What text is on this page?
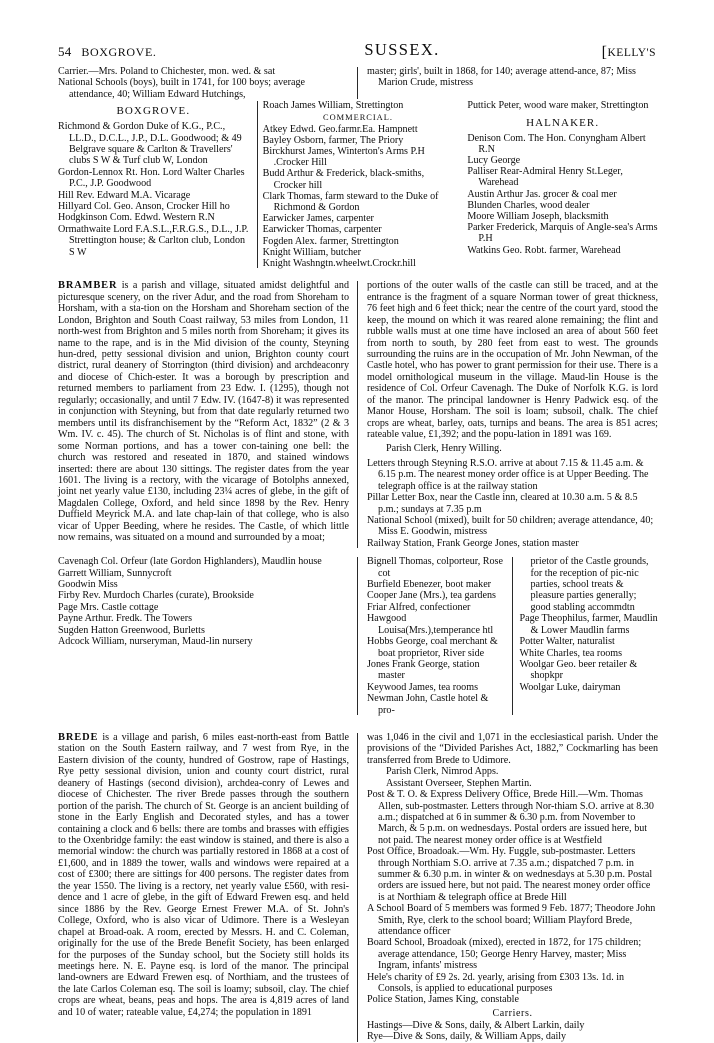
54 BOXGROVE.	SUSSEX.	[KELLY'S
Carrier.—Mrs. Poland to Chichester, mon. wed. & sat
National Schools (boys), built in 1741, for 100 boys; average attendance, 40; William Edward Hutchings,
master; girls', built in 1868, for 140; average attend-ance, 87; Miss Marion Crude, mistress
BOXGROVE.
Richmond & Gordon Duke of K.G., P.C., LL.D., D.C.L., J.P., D.L. Goodwood; & 49 Belgrave square & Carlton & Travellers' clubs S W & Turf club W, London
Gordon-Lennox Rt. Hon. Lord Walter Charles P.C., J.P. Goodwood
Hill Rev. Edward M.A. Vicarage
Hillyard Col. Geo. Anson, Crocker Hill ho
Hodgkinson Com. Edwd. Western R.N
Ormathwaite Lord F.A.S.L.,F.R.G.S., D.L., J.P. Strettington house; & Carlton club, London S W
Roach James William, Strettington
COMMERCIAL.
Atkey Edwd. Geo.farmr.Ea. Hampnett
Bayley Osborn, farmer, The Priory
Birckhurst James, Winterton's Arms P.H .Crocker Hill
Budd Arthur & Frederick, black-smiths, Crocker hill
Clark Thomas, farm steward to the Duke of Richmond & Gordon
Earwicker James, carpenter
Earwicker Thomas, carpenter
Fogden Alex. farmer, Strettington
Knight William, butcher
Knight Washngtn.wheelwt.Crockr.hill
Puttick Peter, wood ware maker, Strettington
HALNAKER.
Denison Com. The Hon. Conyngham Albert R.N
Lucy George
Palliser Rear-Admiral Henry St.Leger, Warehead
Austin Arthur Jas. grocer & coal mer
Blunden Charles, wood dealer
Moore William Joseph, blacksmith
Parker Frederick, Marquis of Angle-sea's Arms P.H
Watkins Geo. Robt. farmer, Warehead

BRAMBER is a parish and village, situated amidst delightful and picturesque scenery, on the river Adur, and the road from Shoreham to Horsham, with a sta-tion on the Horsham and Shoreham section of the London, Brighton and South Coast railway, 53 miles from London, 11 north-west from Brighton and 5 miles north from Shoreham; it gives its name to the rape, and is in the Mid division of the county, Steyning hun-dred, petty sessional division and union, Brighton county court district, rural deanery of Storrington (third division) and archdeaconry and diocese of Chich-ester. It was a borough by prescription and returned members to parliament from 23 Edw. I. (1295), though not regularly; occasionally, and until 7 Edw. IV. (1647-8) it was represented in conjunction with Steyning, but from that date regularly returned two members until its disfranchisement by the “Reform Act, 1832” (2 & 3 Wm. IV. c. 45). The church of St. Nicholas is of flint and stone, with some Norman portions, and has a tower con-taining one bell: the church was restored and reseated in 1870, and stained windows inserted: there are about 130 sittings. The register dates from the year 1601. The living is a rectory, with the vicarage of Botolphs annexed, joint net yearly value £130, including 23¼ acres of glebe, in the gift of Magdalen College, Oxford, and held since 1898 by the Rev. Henry Duffield Meyrick M.A. and late chap-lain of that college, who is also vicar of Upper Beeding, where he resides. The Castle, of which little now remains, was situated on a mound and surrounded by a moat;

portions of the outer walls of the castle can still be traced, and at the entrance is the fragment of a square Norman tower of great thickness, 76 feet high and 6 feet thick; near the centre of the court yard, stood the keep, the mound on which it was reared alone remaining; the flint and rubble walls must at one time have inclosed an area of about 560 feet from north to south, by 280 feet from east to west. The grounds surrounding the ruins are in the occupation of Mr. John Newman, of the Castle hotel, who has power to grant permission for their use. There is a model ornithological museum in the village. Maud-lin House is the residence of Col. Orfeur Cavenagh. The Duke of Norfolk K.G. is lord of the manor. The principal landowner is Henry Padwick esq. of the Manor House, Horsham. The soil is loam; subsoil, chalk. The chief crops are wheat, barley, oats, turnips and beans. The area is 851 acres; rateable value, £1,392; and the popu-lation in 1891 was 169.

Parish Clerk, Henry Willing.
Letters through Steyning R.S.O. arrive at about 7.15 & 11.45 a.m. & 6.15 p.m. The nearest money order office is at Upper Beeding. The telegraph office is at the railway station
Pillar Letter Box, near the Castle inn, cleared at 10.30 a.m. 5 & 8.5 p.m.; sundays at 7.35 p.m
National School (mixed), built for 50 children; average attendance, 40; Miss E. Goodwin, mistress
Railway Station, Frank George Jones, station master
Cavenagh Col. Orfeur (late Gordon Highlanders), Maudlin house
Garrett William, Sunnycroft
Goodwin Miss
Firby Rev. Murdoch Charles (curate), Brookside
Page Mrs. Castle cottage
Payne Arthur. Fredk. The Towers
Sugden Hatton Greenwood, Burletts
Adcock William, nurseryman, Maud-lin nursery
Bignell Thomas, colporteur, Rose cot
Burfield Ebenezer, boot maker
Cooper Jane (Mrs.), tea gardens
Friar Alfred, confectioner
Hawgood Louisa(Mrs.),temperance htl
Hobbs George, coal merchant & boat proprietor, River side
Jones Frank George, station master
Keywood James, tea rooms
Newman John, Castle hotel & pro-
prietor of the Castle grounds, for the reception of pic-nic parties, school treats & pleasure parties generally; good stabling accommdtn
Page Theophilus, farmer, Maudlin & Lower Maudlin farms
Potter Walter, naturalist
White Charles, tea rooms
Woolgar Geo. beer retailer & shopkpr
Woolgar Luke, dairyman

BREDE is a village and parish, 6 miles east-north-east from Battle station on the South Eastern railway, and 7 west from Rye, in the Eastern division of the county, hundred of Gostrow, rape of Hastings, Rye petty sessional division, union and county court district, rural deanery of Hastings (second division), archdea-conry of Lewes and diocese of Chichester. The river Brede passes through the southern portion of the parish. The church of St. George is an ancient building of stone in the Early English and Decorated styles, and has a tower containing a clock and 6 bells: there are tombs and brasses with effigies to the Oxenbridge family: the east window is stained, and there is also a memorial window: the church was partially restored in 1868 at a cost of £1,600, and in 1889 the tower, walls and windows were repaired at a cost of £300; there are sittings for 400 persons. The register dates from the year 1550. The living is a rectory, net yearly value £560, with resi-dence and 1 acre of glebe, in the gift of Edward Frewen esq. and held since 1886 by the Rev. George Ernest Frewer M.A. of St. John's College, Oxford, who is also vicar of Udimore. There is a Wesleyan chapel at Broad-oak. A room, erected by Messrs. H. and C. Coleman, originally for the use of the Brede Benefit Society, has been enlarged for the purposes of the Sunday school, but the Society still holds its meetings here. N. E. Payne esq. is lord of the manor. The principal land-owners are Edward Frewen esq. of Northiam, and the trustees of the late Carlos Coleman esq. The soil is loamy; subsoil, clay. The chief crops are wheat, beans, peas and hops. The area is 4,819 acres of land and 10 of water; rateable value, £4,274; the population in 1891

was 1,046 in the civil and 1,071 in the ecclesiastical parish. Under the provisions of the “Divided Parishes Act, 1882,” Cockmarling has been transferred from Brede to Udimore.

Parish Clerk, Nimrod Apps.
Assistant Overseer, Stephen Martin.
Post & T. O. & Express Delivery Office, Brede Hill.—Wm. Thomas Allen, sub-postmaster. Letters through Nor-thiam S.O. arrive at 8.30 a.m.; dispatched at 6 in summer & 6.30 p.m. from November to March, & 5 p.m. on wednesdays. Postal orders are issued here, but not paid. The nearest money order office is at Westfield
Post Office, Broadoak.—Wm. Hy. Fuggle, sub-postmaster. Letters through Northiam S.O. arrive at 7.35 a.m.; dispatched 7 p.m. in summer & 6.30 p.m. in winter & on wednesdays at 5.30 p.m. Postal orders are issued here, but not paid. The nearest money order office is at Northiam & telegraph office at Brede Hill
A School Board of 5 members was formed 9 Feb. 1877; Theodore John Smith, Rye, clerk to the school board; William Playford Brede, attendance officer
Board School, Broadoak (mixed), erected in 1872, for 175 children; average attendance, 150; George Henry Harvey, master; Miss Ingram, infants' mistress
Hele's charity of £9 2s. 2d. yearly, arising from £303 13s. 1d. in Consols, is applied to educational purposes
Police Station, James King, constable
Carriers.
Hastings—Dive & Sons, daily, & Albert Larkin, daily
Rye—Dive & Sons, daily, & William Apps, daily
